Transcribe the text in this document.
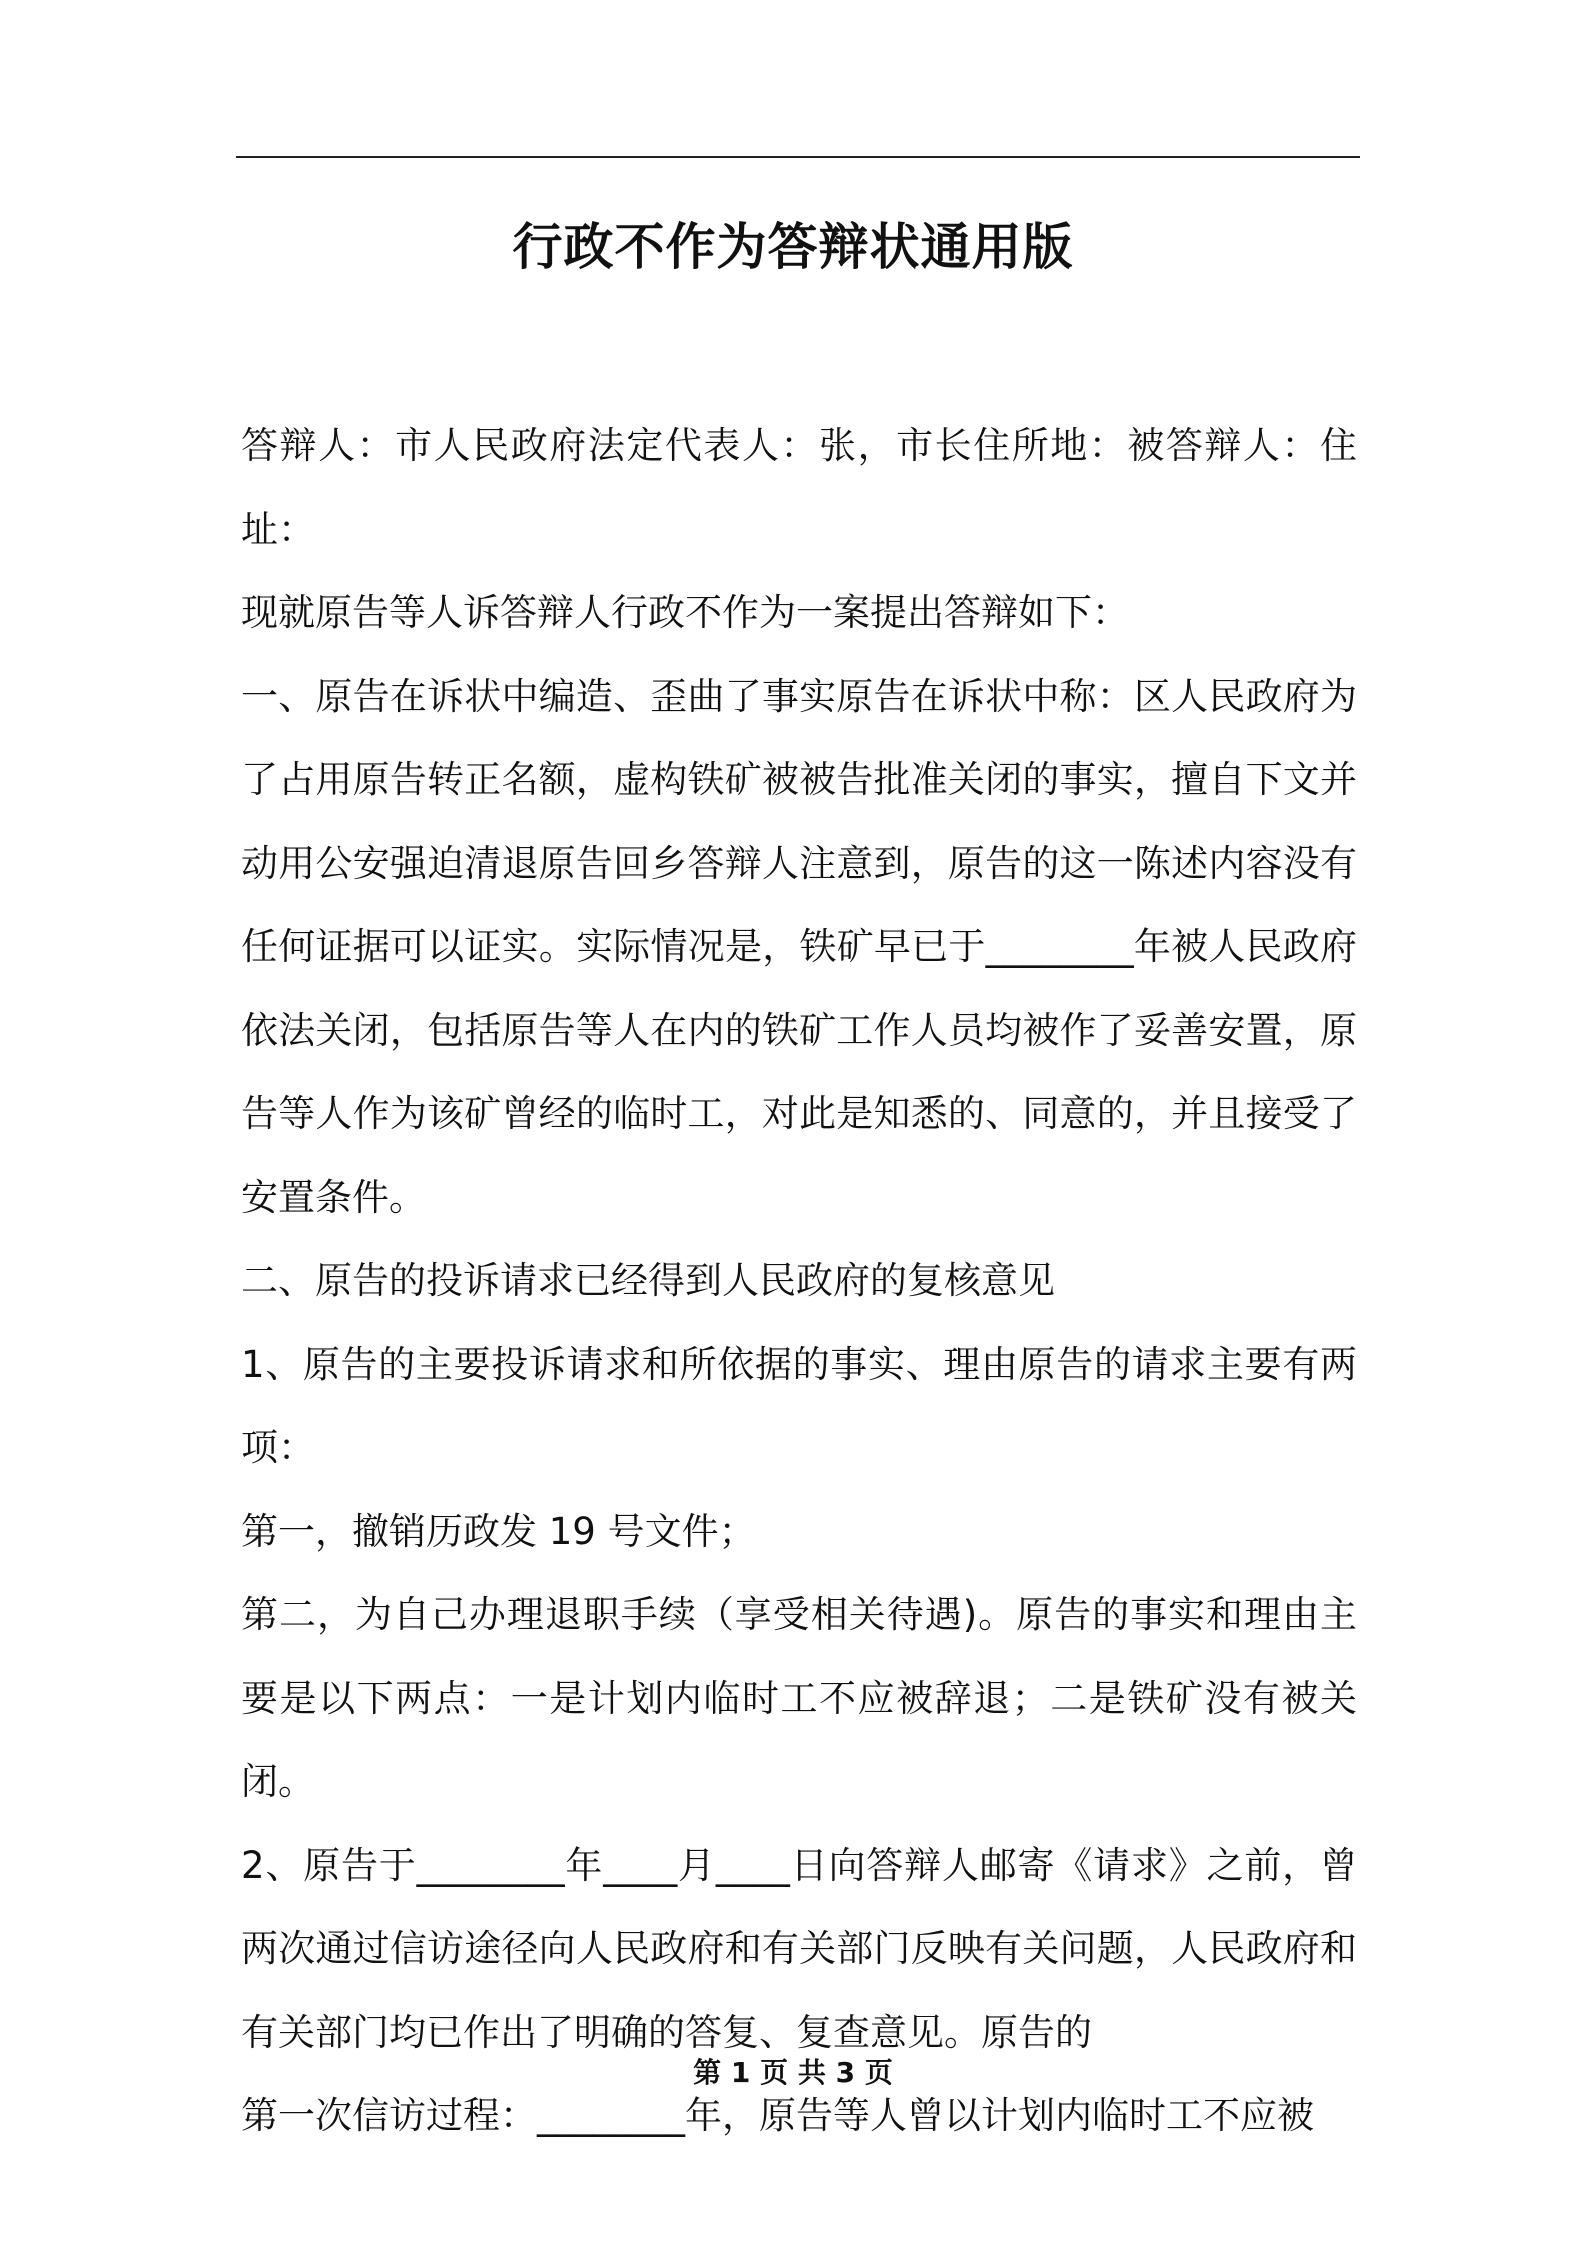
行政不作为答辩状通用版

答辩人：市人民政府法定代表人：张，市长住所地：被答辩人：住址：

现就原告等人诉答辩人行政不作为一案提出答辩如下：

一、原告在诉状中编造、歪曲了事实原告在诉状中称：区人民政府为了占用原告转正名额，虚构铁矿被被告批准关闭的事实，擅自下文并动用公安强迫清退原告回乡答辩人注意到，原告的这一陈述内容没有任何证据可以证实。实际情况是，铁矿早已于________年被人民政府依法关闭，包括原告等人在内的铁矿工作人员均被作了妥善安置，原告等人作为该矿曾经的临时工，对此是知悉的、同意的，并且接受了安置条件。

二、原告的投诉请求已经得到人民政府的复核意见

1、原告的主要投诉请求和所依据的事实、理由原告的请求主要有两项：

第一，撤销历政发 19 号文件；

第二，为自己办理退职手续（享受相关待遇)。原告的事实和理由主要是以下两点：一是计划内临时工不应被辞退；二是铁矿没有被关闭。

2、原告于________年____月____日向答辩人邮寄《请求》之前，曾两次通过信访途径向人民政府和有关部门反映有关问题，人民政府和有关部门均已作出了明确的答复、复查意见。原告的

第一次信访过程：________年，原告等人曾以计划内临时工不应被

第 1 页 共 3 页
